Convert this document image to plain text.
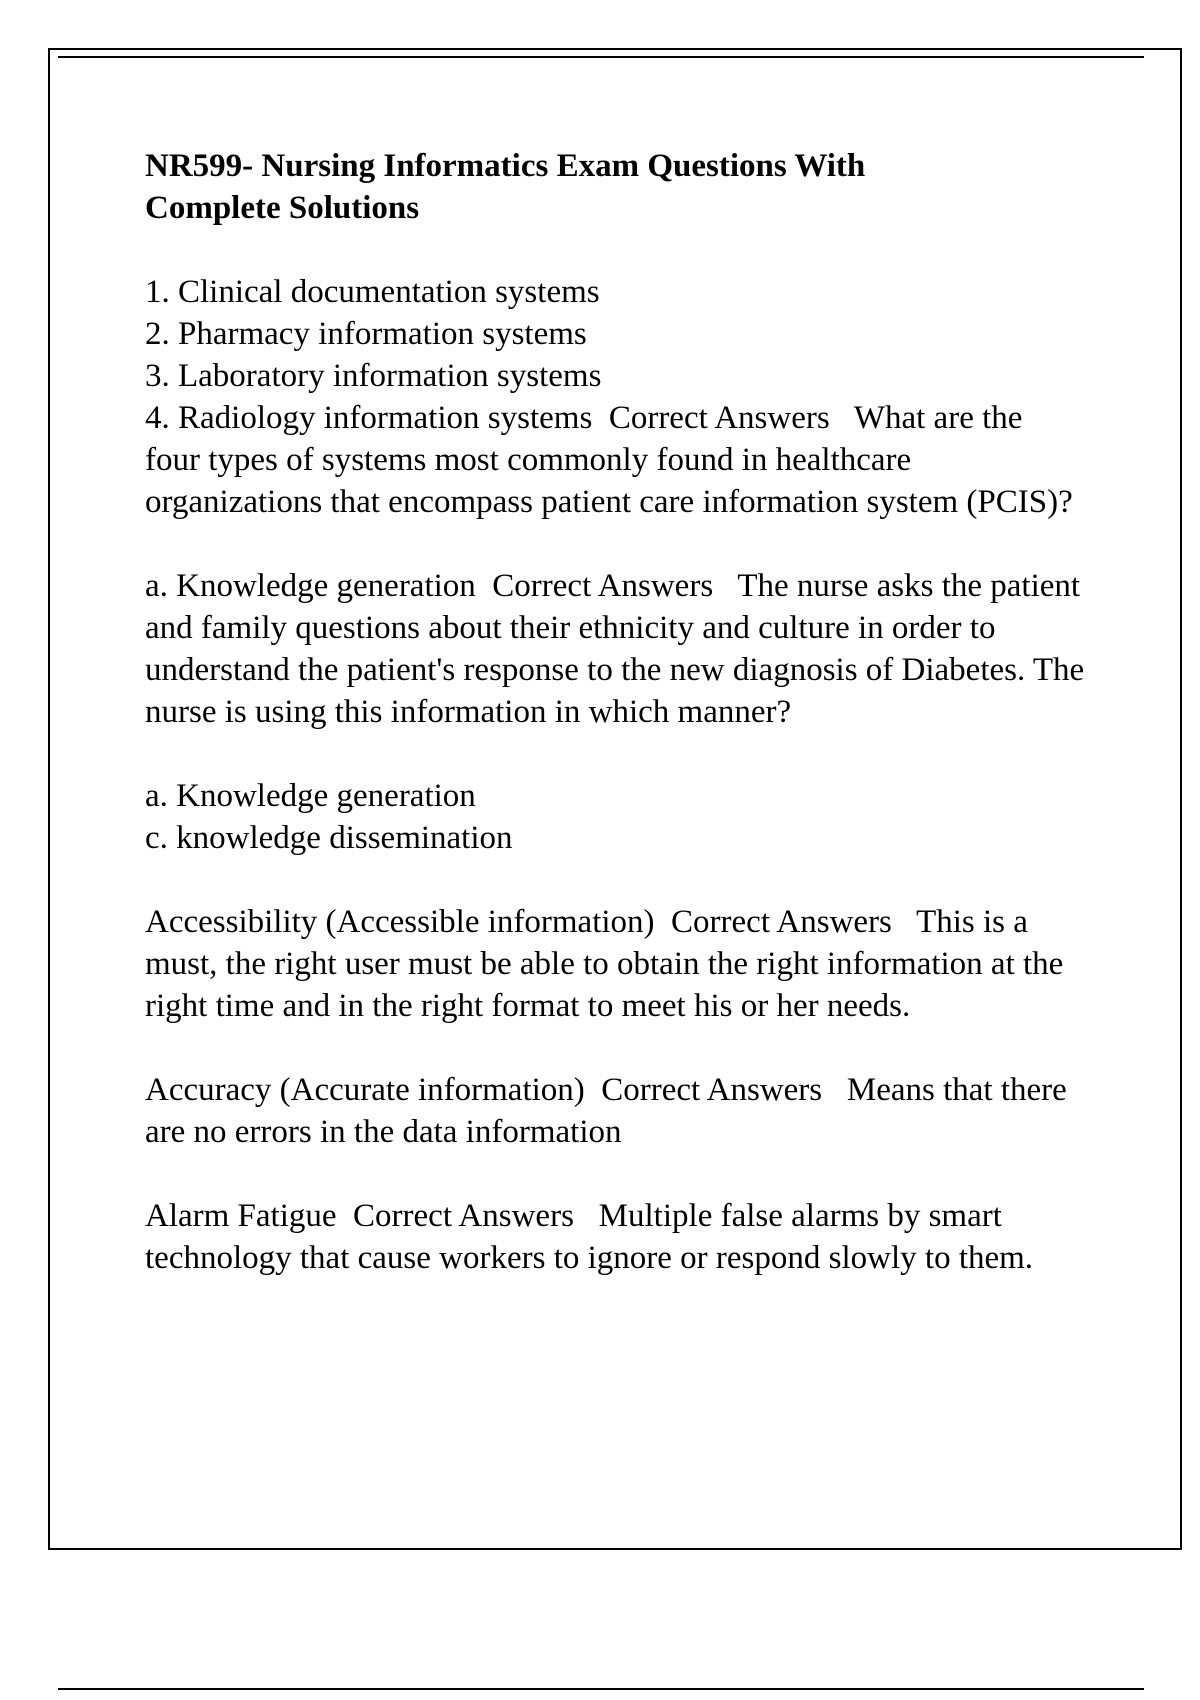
NR599- Nursing Informatics Exam Questions With Complete Solutions
1. Clinical documentation systems
2. Pharmacy information systems
3. Laboratory information systems
4. Radiology information systems Correct Answers What are the four types of systems most commonly found in healthcare organizations that encompass patient care information system (PCIS)?
a. Knowledge generation Correct Answers The nurse asks the patient and family questions about their ethnicity and culture in order to understand the patient's response to the new diagnosis of Diabetes. The nurse is using this information in which manner?
a. Knowledge generation
c. knowledge dissemination
Accessibility (Accessible information) Correct Answers This is a must, the right user must be able to obtain the right information at the right time and in the right format to meet his or her needs.
Accuracy (Accurate information) Correct Answers Means that there are no errors in the data information
Alarm Fatigue Correct Answers Multiple false alarms by smart technology that cause workers to ignore or respond slowly to them.
